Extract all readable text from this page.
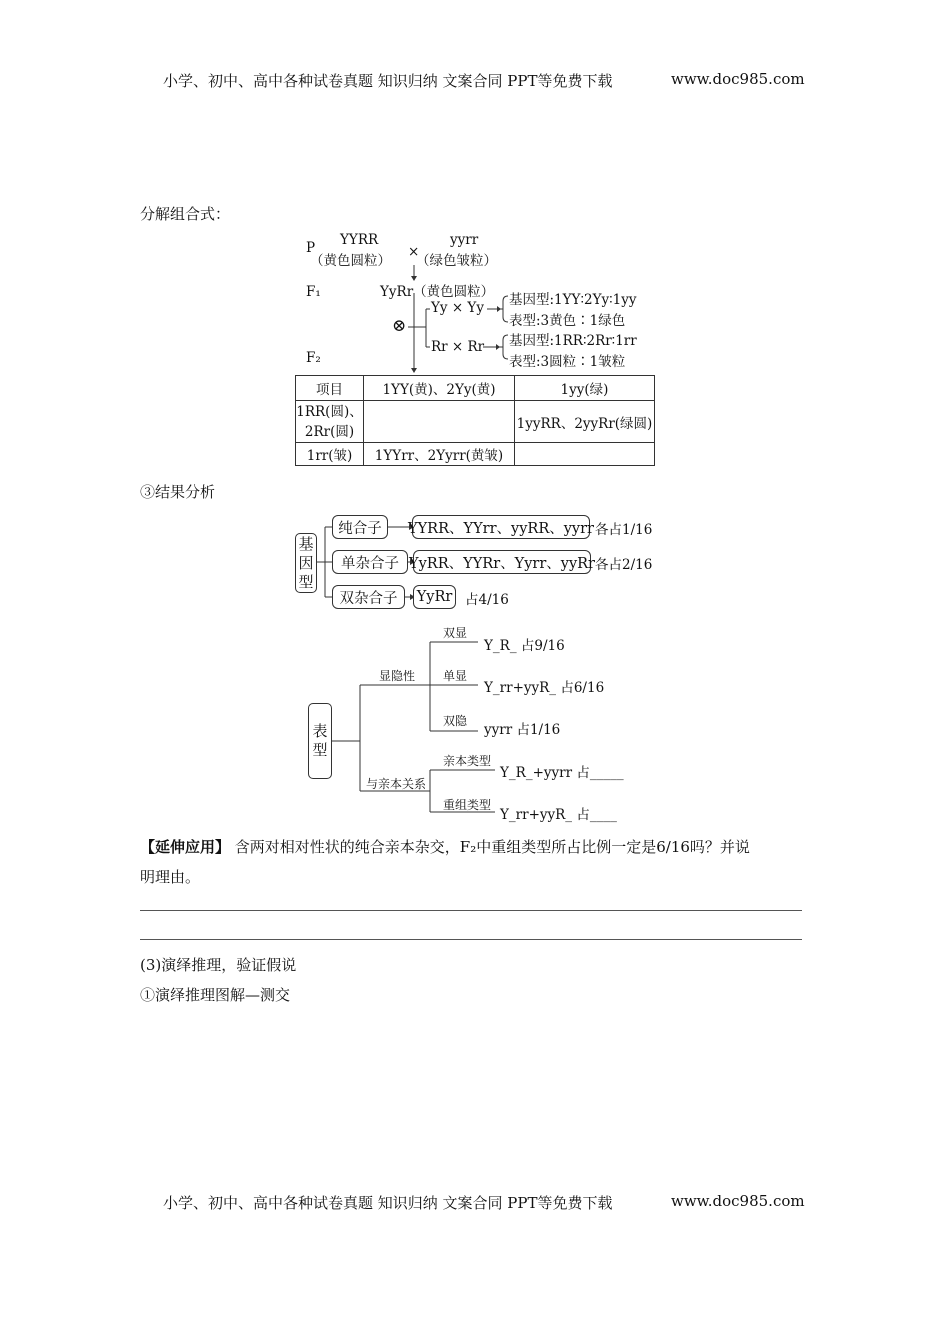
小学、初中、高中各种试卷真题 知识归纳 文案合同 PPT等免费下载	www.doc985.com
分解组合式：
P YYRR
（黄色圆粒）
×
yyrr
（绿色皱粒）
F₁	YyRr（黄色圆粒）
⊗
F₂
Yy × Yy
Rr × Rr
基因型:1YY∶2Yy∶1yy
表型:3黄色∶1绿色
基因型:1RR∶2Rr∶1rr
表型:3圆粒∶1皱粒
项目	1YY(黄)、2Yy(黄)	1yy(绿)

1RR(圆)、
2Rr(圆)		1yyRR、2yyRr(绿圆)
1rr(皱)	1YYrr、2Yyrr(黄皱)	
③结果分析
基
因
型
纯合子
单杂合子
双杂合子
YYRR、YYrr、yyRR、yyrr
YyRR、YYRr、Yyrr、yyRr
YyRr
各占1/16
各占2/16
占4/16
表
型
显隐性
与亲本关系
双显
Y_R_ 占9/16
单显
Y_rr+yyR_ 占6/16
双隐
yyrr 占1/16
亲本类型
Y_R_+yyrr 占_____
重组类型
Y_rr+yyR_ 占____
【延伸应用】 含两对相对性状的纯合亲本杂交，F₂中重组类型所占比例一定是6/16吗？并说
明理由。
(3)演绎推理，验证假说
①演绎推理图解—测交
小学、初中、高中各种试卷真题 知识归纳 文案合同 PPT等免费下载	www.doc985.com
